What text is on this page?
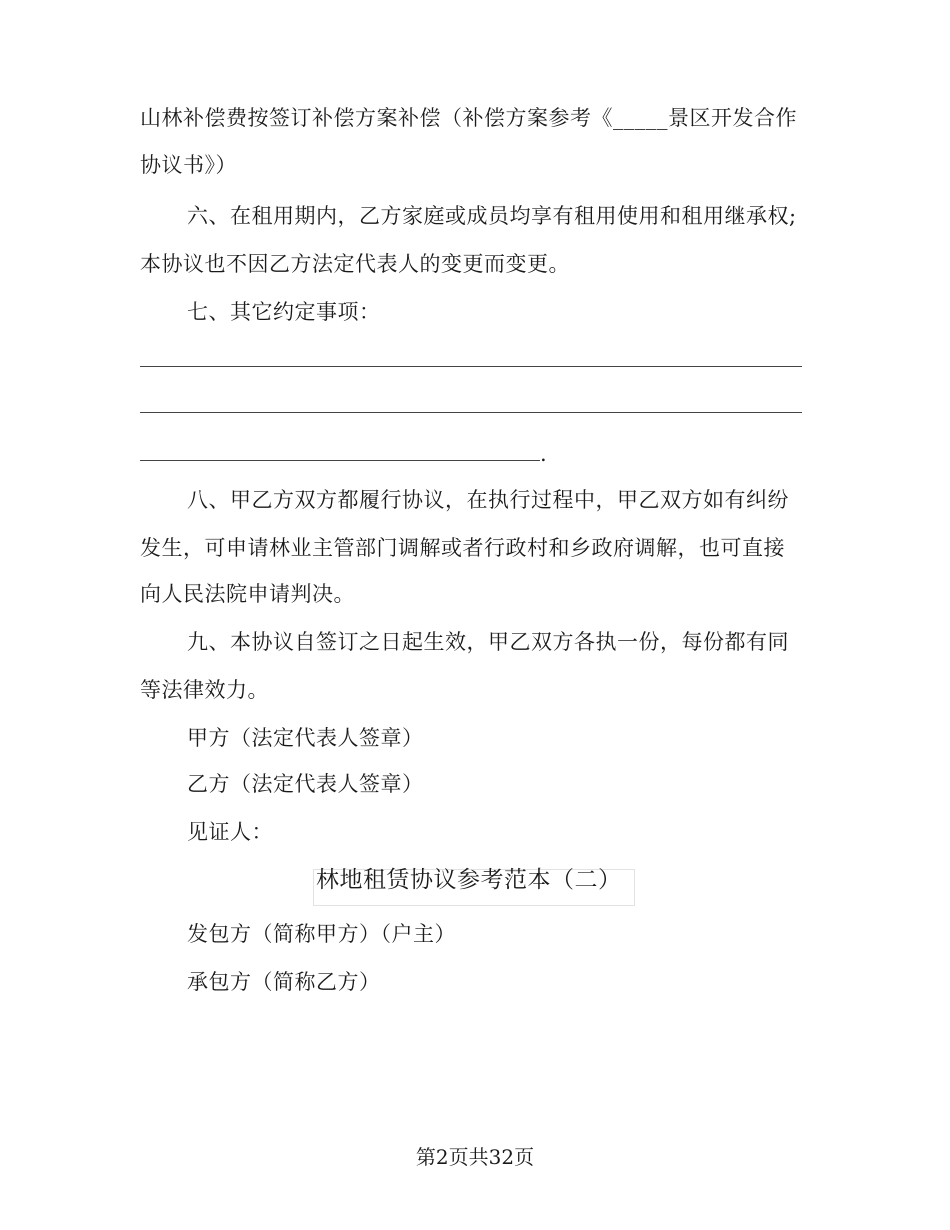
山林补偿费按签订补偿方案补偿（补偿方案参考《_____景区开发合作
协议书》）
六、在租用期内，乙方家庭或成员均享有租用使用和租用继承权;
本协议也不因乙方法定代表人的变更而变更。
七、其它约定事项：
.
八、甲乙方双方都履行协议，在执行过程中，甲乙双方如有纠纷
发生，可申请林业主管部门调解或者行政村和乡政府调解，也可直接
向人民法院申请判决。
九、本协议自签订之日起生效，甲乙双方各执一份，每份都有同
等法律效力。
甲方（法定代表人签章）
乙方（法定代表人签章）
见证人：
林地租赁协议参考范本（二）
发包方（简称甲方）（户主）
承包方（简称乙方）
第2页共32页
